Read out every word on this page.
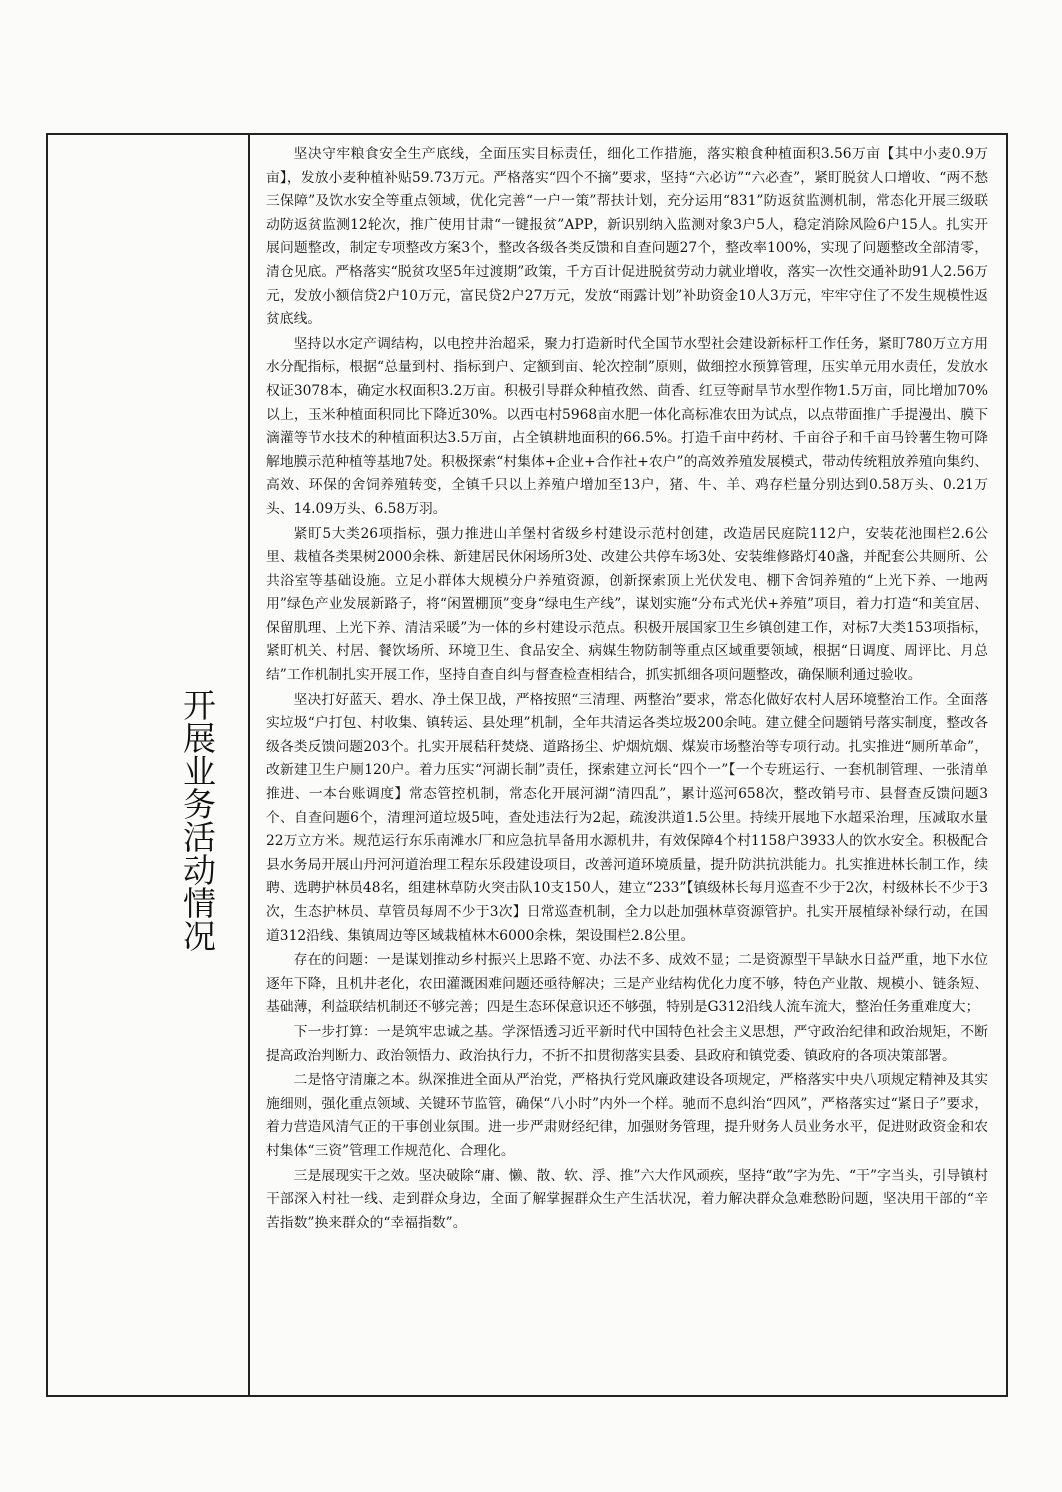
开展业务活动情况

坚决守牢粮食安全生产底线，全面压实目标责任，细化工作措施，落实粮食种植面积3.56万亩【其中小麦0.9万亩】，发放小麦种植补贴59.73万元。严格落实“四个不摘”要求，坚持“六必访”“六必查”，紧盯脱贫人口增收、“两不愁三保障”及饮水安全等重点领域，优化完善“一户一策”帮扶计划，充分运用“831”防返贫监测机制，常态化开展三级联动防返贫监测12轮次，推广使用甘肃“一键报贫”APP，新识别纳入监测对象3户5人，稳定消除风险6户15人。扎实开展问题整改，制定专项整改方案3个，整改各级各类反馈和自查问题27个，整改率100%，实现了问题整改全部清零，清仓见底。严格落实“脱贫攻坚5年过渡期”政策，千方百计促进脱贫劳动力就业增收，落实一次性交通补助91人2.56万元，发放小额信贷2户10万元，富民贷2户27万元，发放“雨露计划”补助资金10人3万元，牢牢守住了不发生规模性返贫底线。

坚持以水定产调结构，以电控井治超采，聚力打造新时代全国节水型社会建设新标杆工作任务，紧盯780万立方用水分配指标，根据“总量到村、指标到户、定额到亩、轮次控制”原则，做细控水预算管理，压实单元用水责任，发放水权证3078本，确定水权面积3.2万亩。积极引导群众种植孜然、茴香、红豆等耐旱节水型作物1.5万亩，同比增加70%以上，玉米种植面积同比下降近30%。以西屯村5968亩水肥一体化高标准农田为试点，以点带面推广手提漫出、膜下滴灌等节水技术的种植面积达3.5万亩，占全镇耕地面积的66.5%。打造千亩中药材、千亩谷子和千亩马铃薯生物可降解地膜示范种植等基地7处。积极探索“村集体+企业+合作社+农户”的高效养殖发展模式，带动传统粗放养殖向集约、高效、环保的舍饲养殖转变，全镇千只以上养殖户增加至13户，猪、牛、羊、鸡存栏量分别达到0.58万头、0.21万头、14.09万头、6.58万羽。

紧盯5大类26项指标，强力推进山羊堡村省级乡村建设示范村创建，改造居民庭院112户，安装花池围栏2.6公里、栽植各类果树2000余株、新建居民休闲场所3处、改建公共停车场3处、安装维修路灯40盏，并配套公共厕所、公共浴室等基础设施。立足小群体大规模分户养殖资源，创新探索顶上光伏发电、棚下舍饲养殖的“上光下养、一地两用”绿色产业发展新路子，将“闲置棚顶”变身“绿电生产线”，谋划实施“分布式光伏+养殖”项目，着力打造“和美宜居、保留肌理、上光下养、清洁采暖”为一体的乡村建设示范点。积极开展国家卫生乡镇创建工作，对标7大类153项指标，紧盯机关、村居、餐饮场所、环境卫生、食品安全、病媒生物防制等重点区域重要领域，根据“日调度、周评比、月总结”工作机制扎实开展工作，坚持自查自纠与督查检查相结合，抓实抓细各项问题整改，确保顺利通过验收。

坚决打好蓝天、碧水、净土保卫战，严格按照“三清理、两整治”要求，常态化做好农村人居环境整治工作。全面落实垃圾“户打包、村收集、镇转运、县处理”机制，全年共清运各类垃圾200余吨。建立健全问题销号落实制度，整改各级各类反馈问题203个。扎实开展秸秆焚烧、道路扬尘、炉烟炕烟、煤炭市场整治等专项行动。扎实推进“厕所革命”，改新建卫生户厕120户。着力压实“河湖长制”责任，探索建立河长“四个一”【一个专班运行、一套机制管理、一张清单推进、一本台账调度】常态管控机制，常态化开展河湖“清四乱”，累计巡河658次，整改销号市、县督查反馈问题3个、自查问题6个，清理河道垃圾5吨，查处违法行为2起，疏浚洪道1.5公里。持续开展地下水超采治理，压减取水量22万立方米。规范运行东乐南滩水厂和应急抗旱备用水源机井，有效保障4个村1158户3933人的饮水安全。积极配合县水务局开展山丹河河道治理工程东乐段建设项目，改善河道环境质量，提升防洪抗洪能力。扎实推进林长制工作，续聘、选聘护林员48名，组建林草防火突击队10支150人，建立“233”【镇级林长每月巡查不少于2次，村级林长不少于3次，生态护林员、草管员每周不少于3次】日常巡查机制，全力以赴加强林草资源管护。扎实开展植绿补绿行动，在国道312沿线、集镇周边等区域栽植林木6000余株，架设围栏2.8公里。

存在的问题：一是谋划推动乡村振兴上思路不宽、办法不多、成效不显；二是资源型干旱缺水日益严重，地下水位逐年下降，且机井老化，农田灌溉困难问题还亟待解决；三是产业结构优化力度不够，特色产业散、规模小、链条短、基础薄，利益联结机制还不够完善；四是生态环保意识还不够强，特别是G312沿线人流车流大，整治任务重难度大；

下一步打算：一是筑牢忠诚之基。学深悟透习近平新时代中国特色社会主义思想，严守政治纪律和政治规矩，不断提高政治判断力、政治领悟力、政治执行力，不折不扣贯彻落实县委、县政府和镇党委、镇政府的各项决策部署。

二是恪守清廉之本。纵深推进全面从严治党，严格执行党风廉政建设各项规定，严格落实中央八项规定精神及其实施细则，强化重点领域、关键环节监管，确保“八小时”内外一个样。驰而不息纠治“四风”，严格落实过“紧日子”要求，着力营造风清气正的干事创业氛围。进一步严肃财经纪律，加强财务管理，提升财务人员业务水平，促进财政资金和农村集体“三资”管理工作规范化、合理化。

三是展现实干之效。坚决破除“庸、懒、散、软、浮、推”六大作风顽疾，坚持“敢”字为先、“干”字当头，引导镇村干部深入村社一线、走到群众身边，全面了解掌握群众生产生活状况，着力解决群众急难愁盼问题，坚决用干部的“辛苦指数”换来群众的“幸福指数”。
